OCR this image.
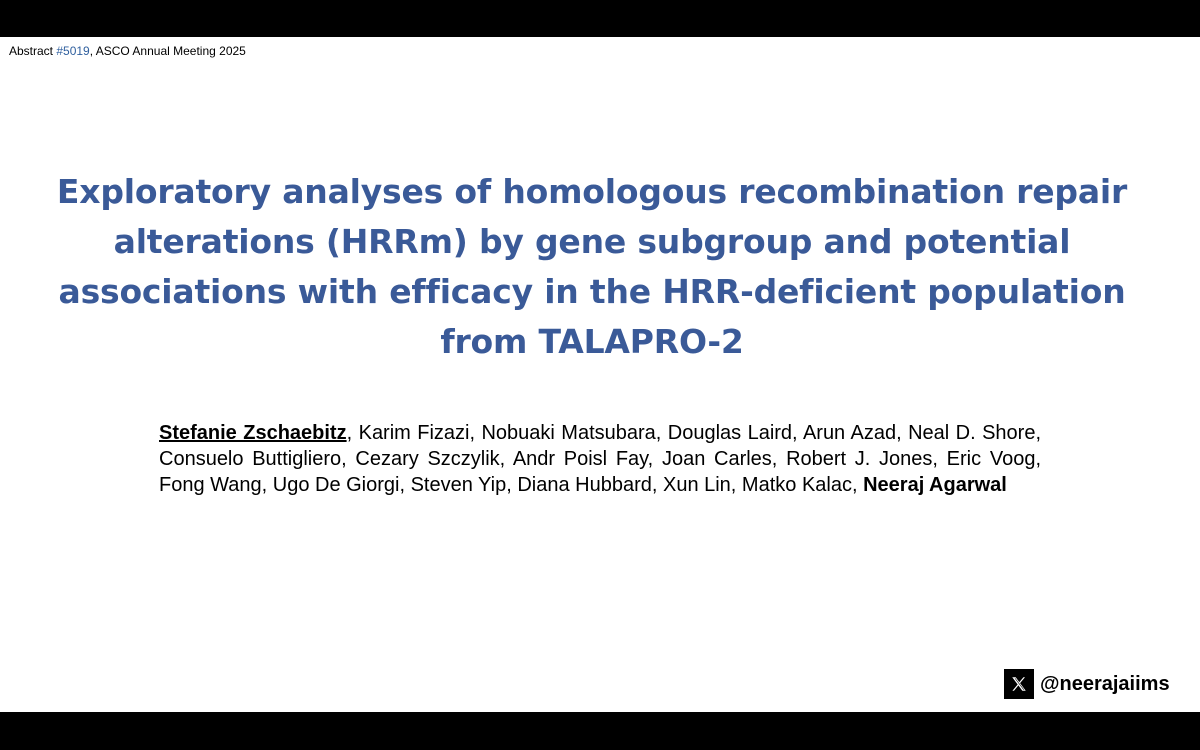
Abstract #5019, ASCO Annual Meeting 2025
Exploratory analyses of homologous recombination repair alterations (HRRm) by gene subgroup and potential associations with efficacy in the HRR-deficient population from TALAPRO-2
Stefanie Zschaebitz, Karim Fizazi, Nobuaki Matsubara, Douglas Laird, Arun Azad, Neal D. Shore, Consuelo Buttigliero, Cezary Szczylik, Andr Poisl Fay, Joan Carles, Robert J. Jones, Eric Voog, Fong Wang, Ugo De Giorgi, Steven Yip, Diana Hubbard, Xun Lin, Matko Kalac, Neeraj Agarwal
@neerajaiims
